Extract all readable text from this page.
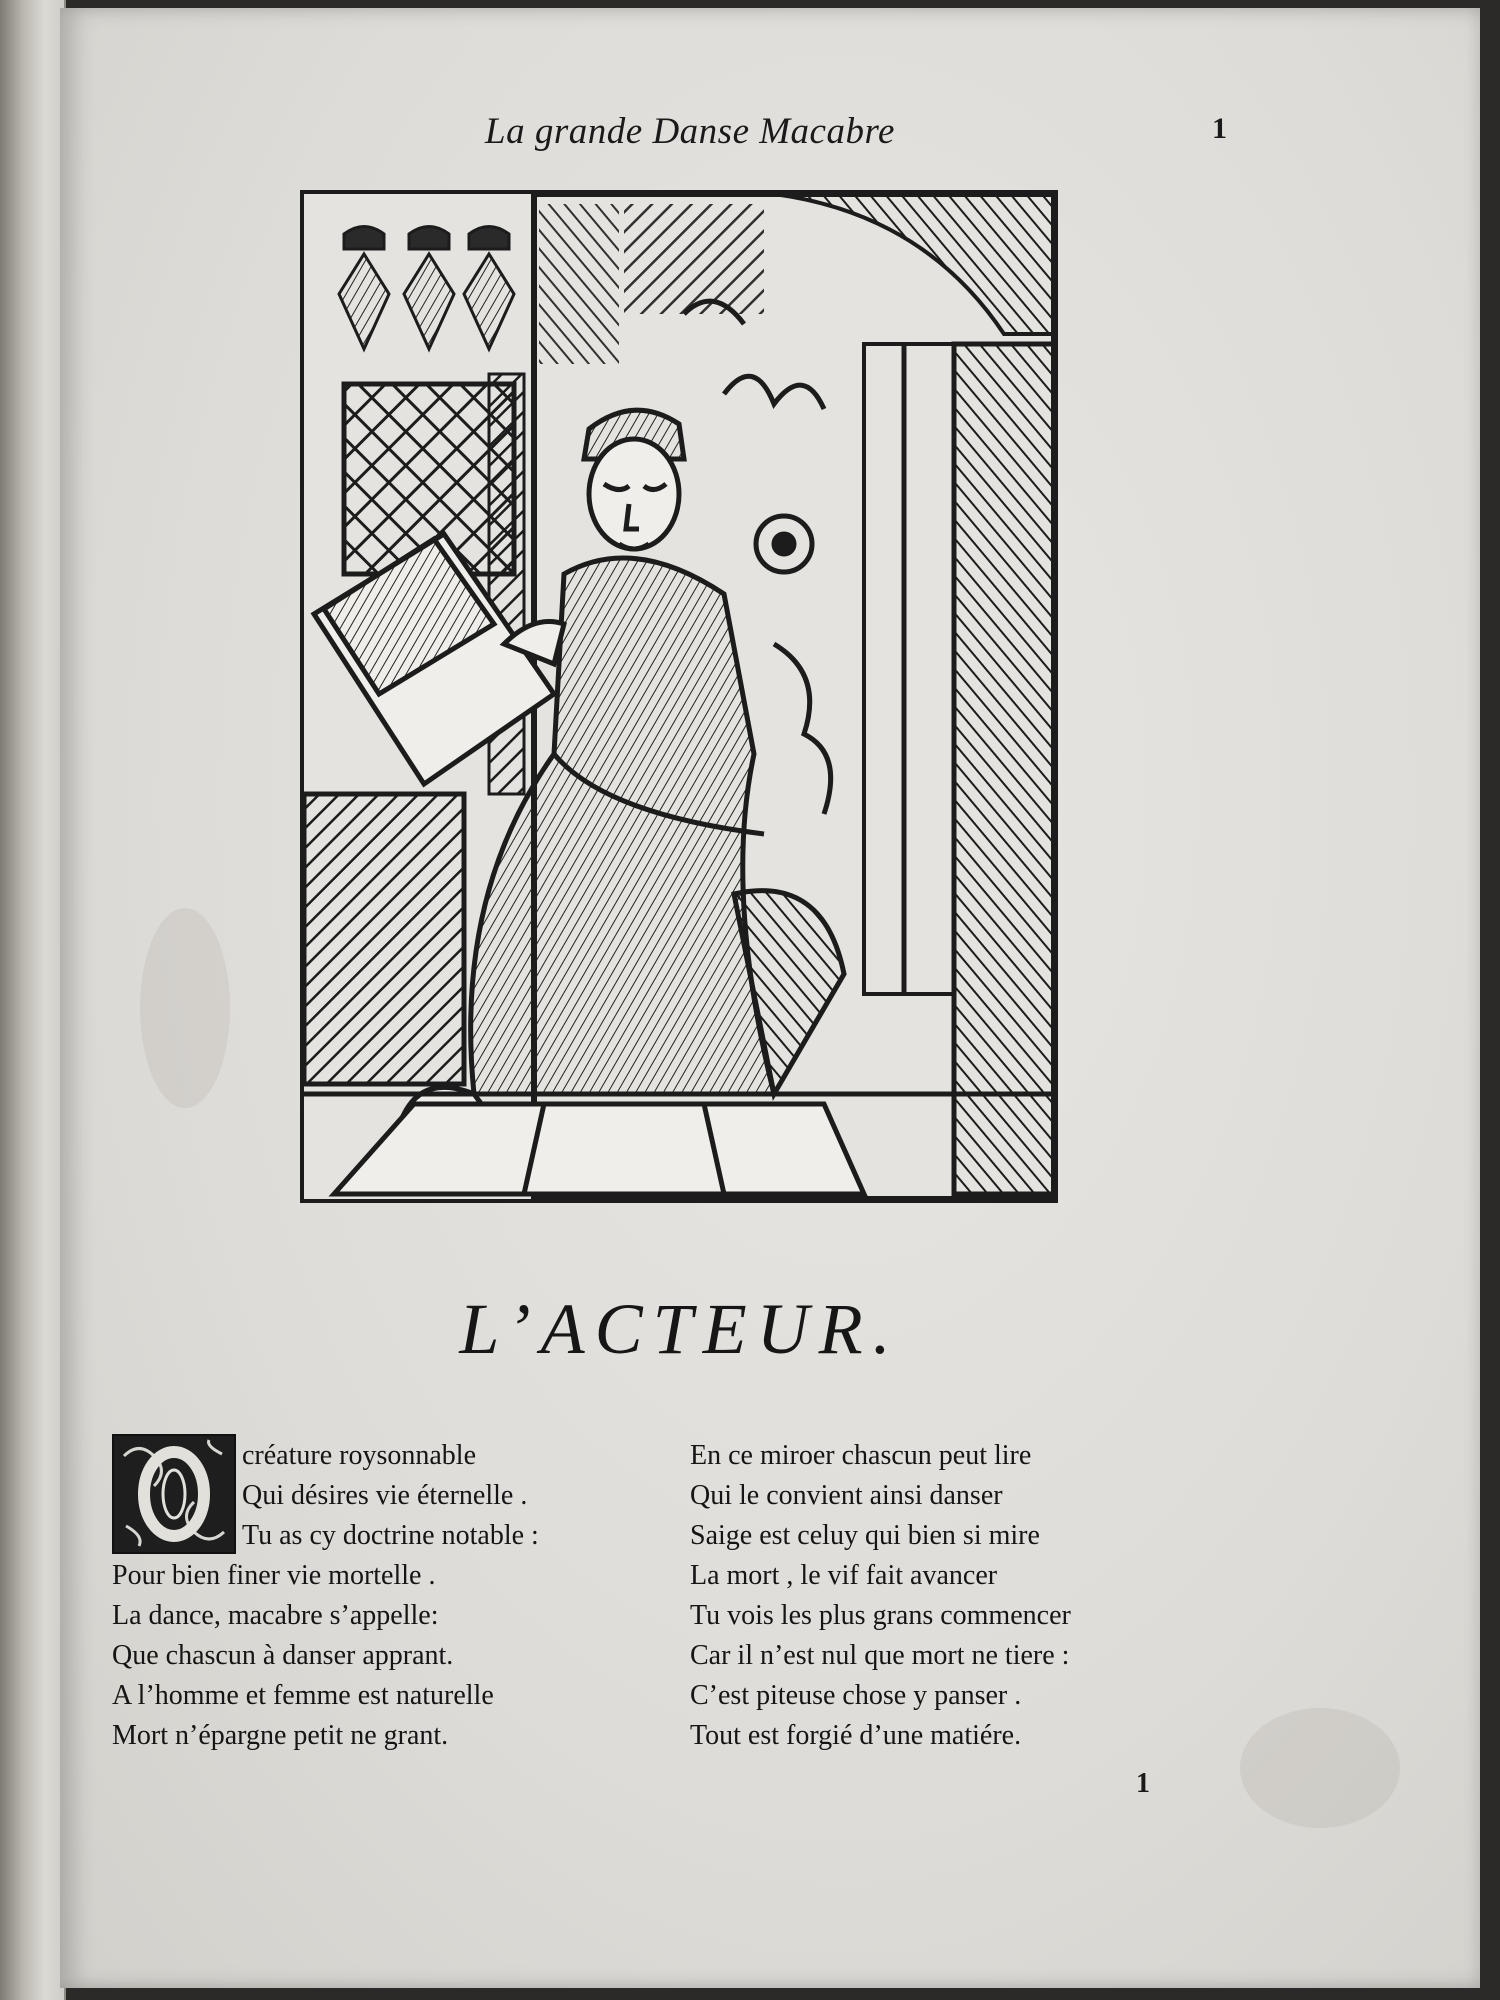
La grande Danse Macabre	1
L’ACTEUR.
créature roysonnable
Qui désires vie éternelle .
Tu as cy doctrine notable :
Pour bien finer vie mortelle .
La dance, macabre s’appelle:
Que chascun à danser apprant.
A l’homme et femme est naturelle
Mort n’épargne petit ne grant.
En ce miroer chascun peut lire
Qui le convient ainsi danser
Saige est celuy qui bien si mire
La mort , le vif fait avancer
Tu vois les plus grans commencer
Car il n’est nul que mort ne tiere :
C’est piteuse chose y panser .
Tout est forgié d’une matiére.
1
